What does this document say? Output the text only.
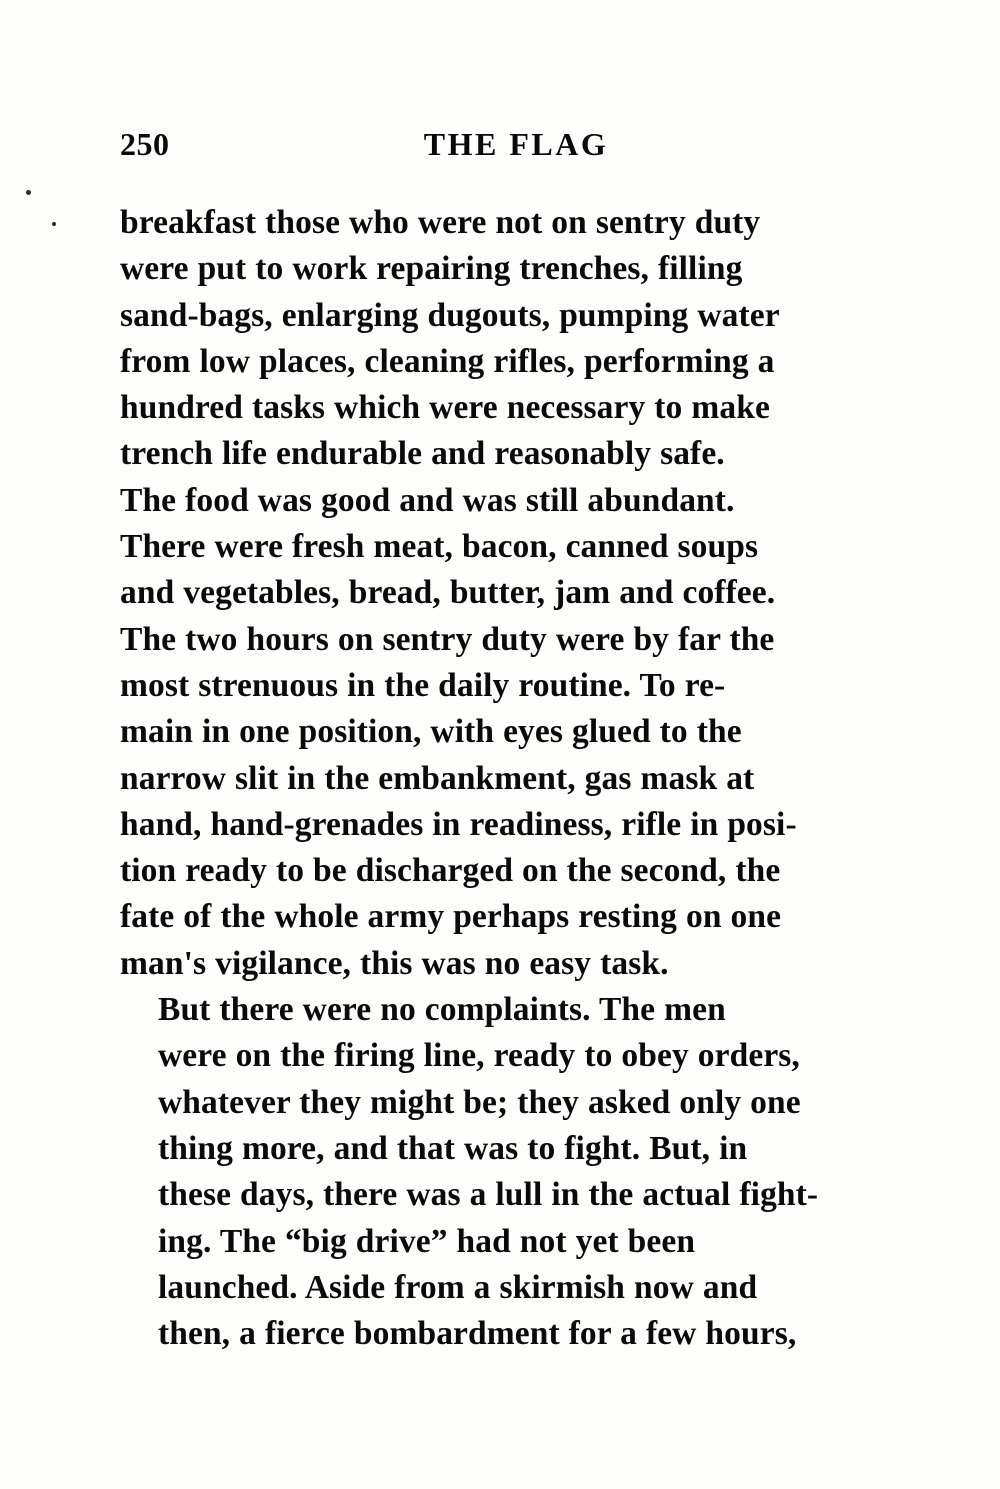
250	THE FLAG

breakfast those who were not on sentry duty
were put to work repairing trenches, filling
sand-bags, enlarging dugouts, pumping water
from low places, cleaning rifles, performing a
hundred tasks which were necessary to make
trench life endurable and reasonably safe.
The food was good and was still abundant.
There were fresh meat, bacon, canned soups
and vegetables, bread, butter, jam and coffee.
The two hours on sentry duty were by far the
most strenuous in the daily routine. To re-
main in one position, with eyes glued to the
narrow slit in the embankment, gas mask at
hand, hand-grenades in readiness, rifle in posi-
tion ready to be discharged on the second, the
fate of the whole army perhaps resting on one
man's vigilance, this was no easy task.

But there were no complaints. The men
were on the firing line, ready to obey orders,
whatever they might be; they asked only one
thing more, and that was to fight. But, in
these days, there was a lull in the actual fight-
ing. The “big drive” had not yet been
launched. Aside from a skirmish now and
then, a fierce bombardment for a few hours,
